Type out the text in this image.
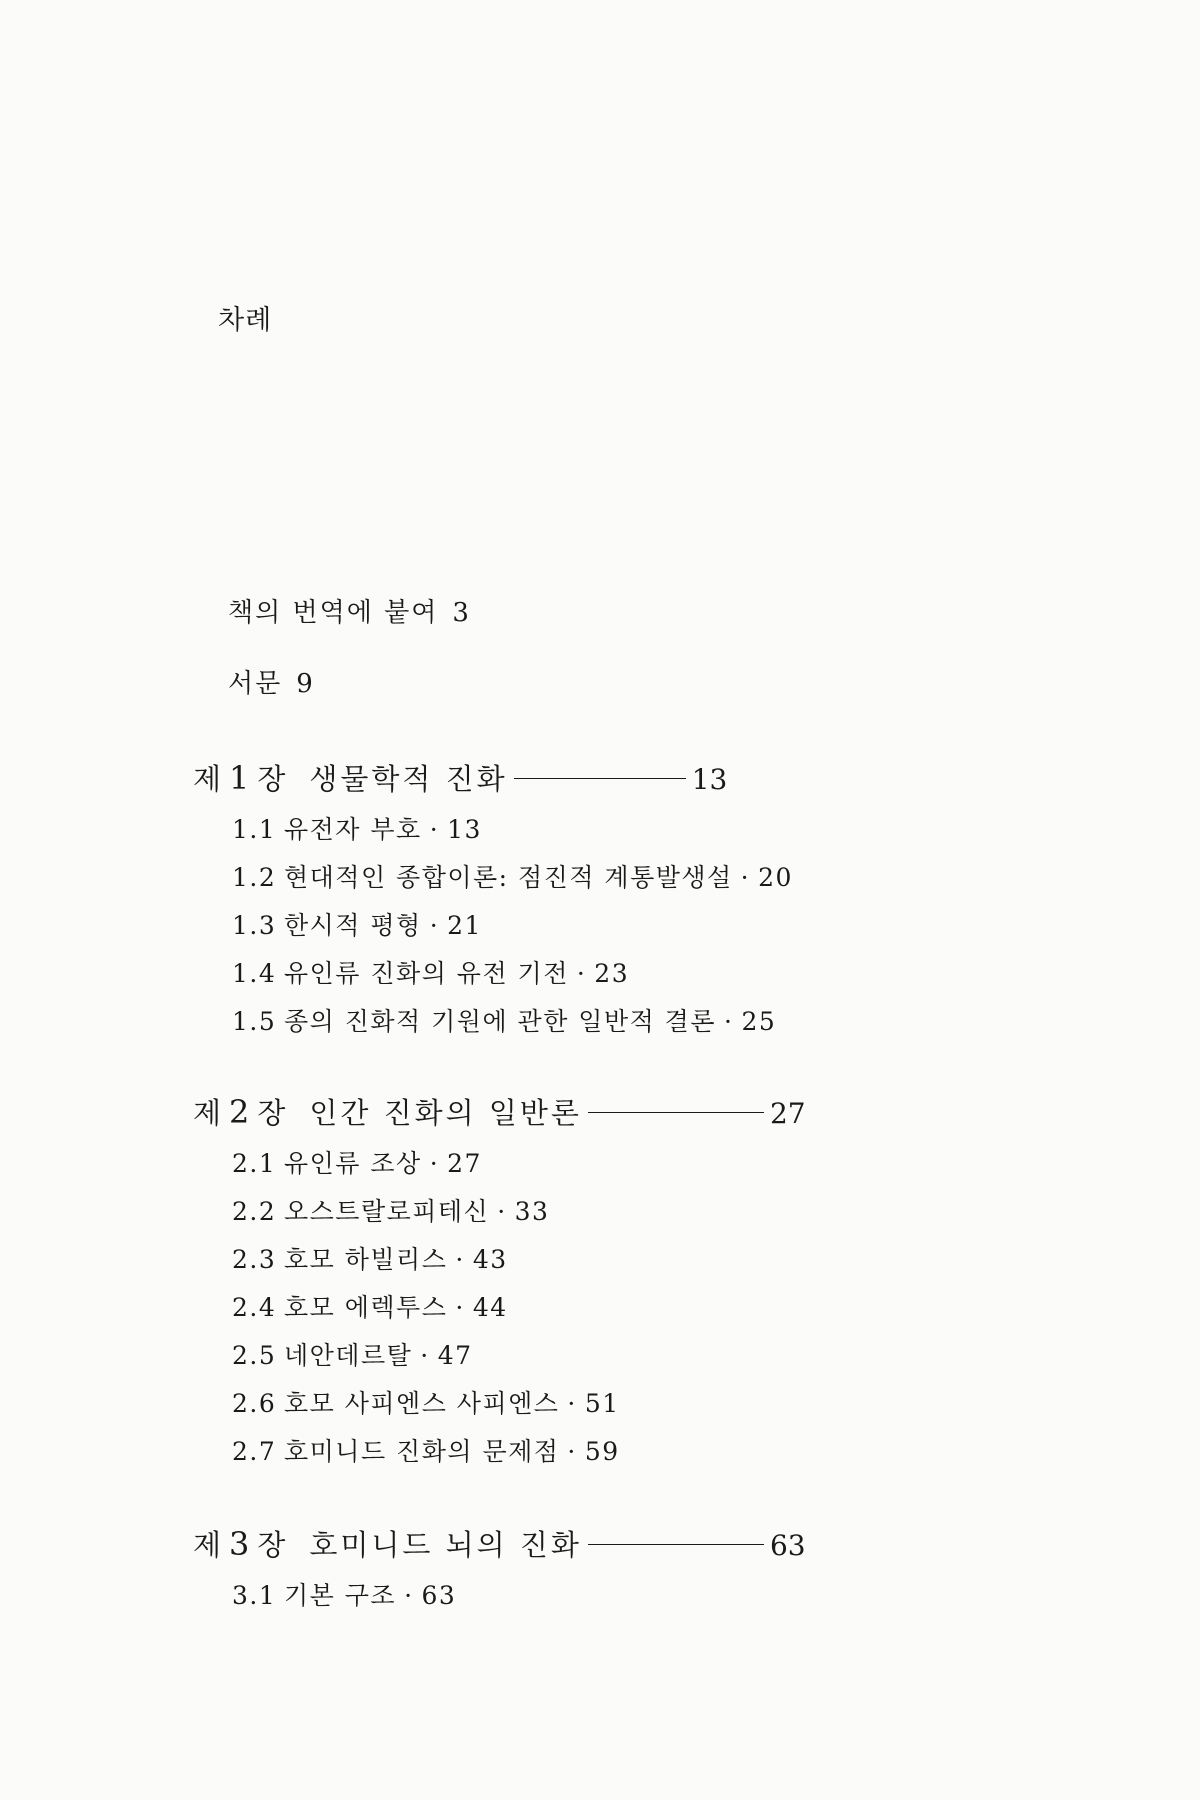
차례
책의 번역에 붙여 3
서문 9
제 1 장 생물학적 진화	13
1.1 유전자 부호 · 13
1.2 현대적인 종합이론: 점진적 계통발생설 · 20
1.3 한시적 평형 · 21
1.4 유인류 진화의 유전 기전 · 23
1.5 종의 진화적 기원에 관한 일반적 결론 · 25
제 2 장 인간 진화의 일반론	27
2.1 유인류 조상 · 27
2.2 오스트랄로피테신 · 33
2.3 호모 하빌리스 · 43
2.4 호모 에렉투스 · 44
2.5 네안데르탈 · 47
2.6 호모 사피엔스 사피엔스 · 51
2.7 호미니드 진화의 문제점 · 59
제 3 장 호미니드 뇌의 진화	63
3.1 기본 구조 · 63
